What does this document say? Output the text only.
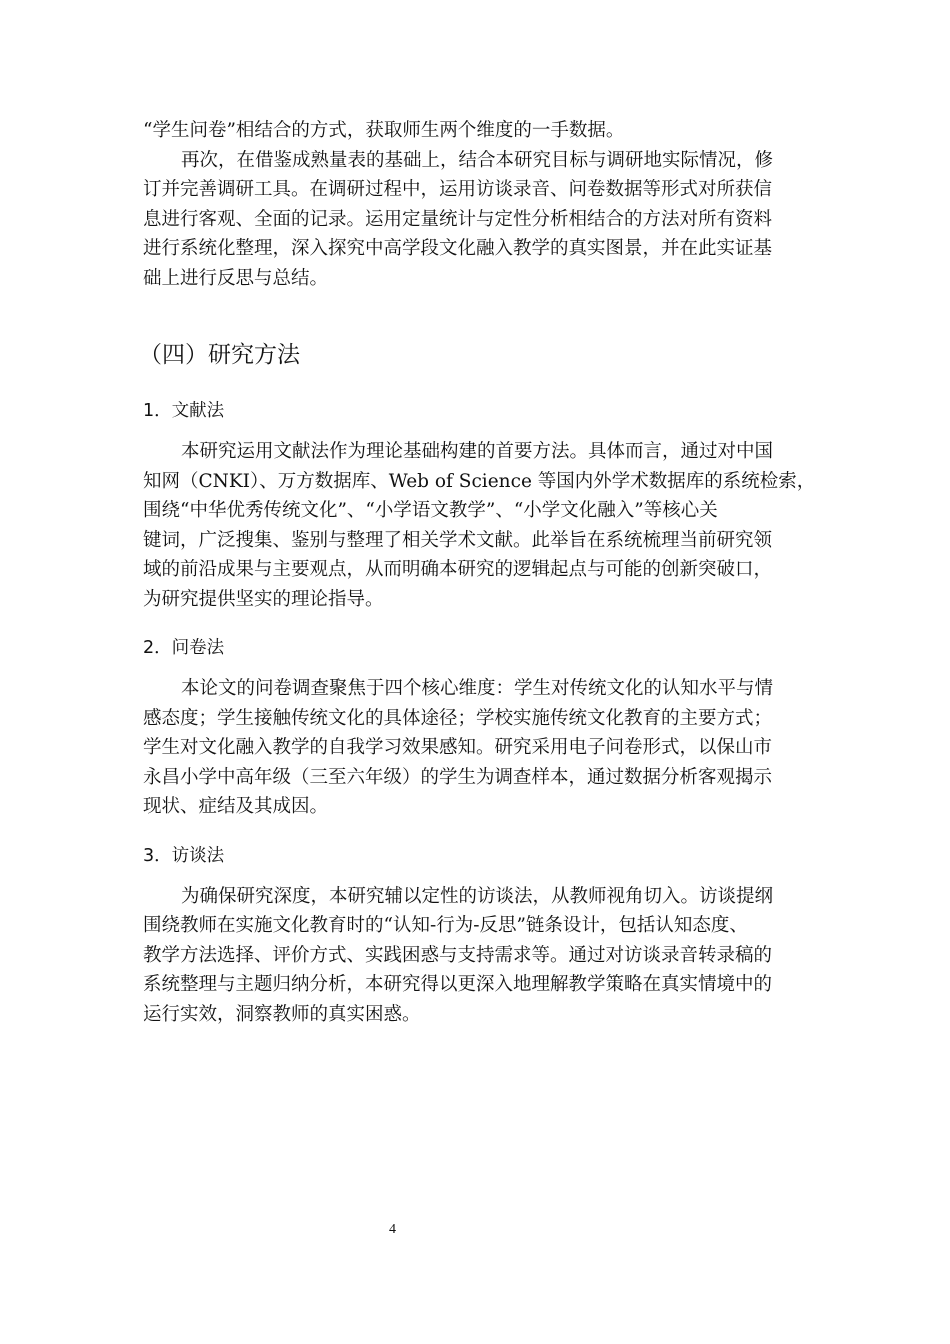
“学生问卷”相结合的方式，获取师生两个维度的一手数据。

再次，在借鉴成熟量表的基础上，结合本研究目标与调研地实际情况，修
订并完善调研工具。在调研过程中，运用访谈录音、问卷数据等形式对所获信
息进行客观、全面的记录。运用定量统计与定性分析相结合的方法对所有资料
进行系统化整理，深入探究中高学段文化融入教学的真实图景，并在此实证基
础上进行反思与总结。

（四）研究方法
1．文献法

本研究运用文献法作为理论基础构建的首要方法。具体而言，通过对中国
知网（CNKI）、万方数据库、Web of Science 等国内外学术数据库的系统检索，
围绕“中华优秀传统文化”、“小学语文教学”、“小学文化融入”等核心关
键词，广泛搜集、鉴别与整理了相关学术文献。此举旨在系统梳理当前研究领
域的前沿成果与主要观点，从而明确本研究的逻辑起点与可能的创新突破口，
为研究提供坚实的理论指导。

2．问卷法

本论文的问卷调查聚焦于四个核心维度：学生对传统文化的认知水平与情
感态度；学生接触传统文化的具体途径；学校实施传统文化教育的主要方式；
学生对文化融入教学的自我学习效果感知。研究采用电子问卷形式，以保山市
永昌小学中高年级（三至六年级）的学生为调查样本，通过数据分析客观揭示
现状、症结及其成因。

3．访谈法

为确保研究深度，本研究辅以定性的访谈法，从教师视角切入。访谈提纲
围绕教师在实施文化教育时的“认知-行为-反思”链条设计，包括认知态度、
教学方法选择、评价方式、实践困惑与支持需求等。通过对访谈录音转录稿的
系统整理与主题归纳分析，本研究得以更深入地理解教学策略在真实情境中的
运行实效，洞察教师的真实困惑。

4
